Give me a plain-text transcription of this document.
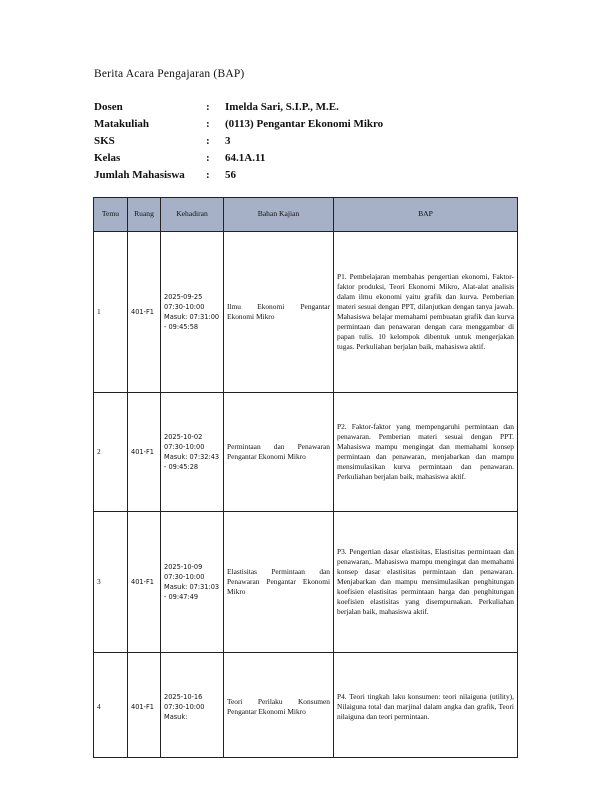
Berita Acara Pengajaran (BAP)
Dosen	:	Imelda Sari, S.I.P., M.E.
Matakuliah	:	(0113) Pengantar Ekonomi Mikro
SKS	:	3
Kelas	:	64.1A.11
Jumlah Mahasiswa	:	56
Temu	Ruang	Kehadiran	Bahan Kajian	BAP
1	401-F1	2025-09-25 07:30-10:00 Masuk: 07:31:00 - 09:45:58	Ilmu Ekonomi Pengantar Ekonomi Mikro	P1. Pembelajaran membahas pengertian ekonomi, Faktor-faktor produksi, Teori Ekonomi Mikro, Alat-alat analisis dalam ilmu ekonomi yaitu grafik dan kurva. Pemberian materi sesuai dengan PPT, dilanjutkan dengan tanya jawab. Mahasiswa belajar memahami pembuatan grafik dan kurva permintaan dan penawaran dengan cara menggambar di papan tulis. 10 kelompok dibentuk untuk mengerjakan tugas. Perkuliahan berjalan baik, mahasiswa aktif.
2	401-F1	2025-10-02 07:30-10:00 Masuk: 07:32:43 - 09:45:28	Permintaan dan Penawaran Pengantar Ekonomi Mikro	P2. Faktor-faktor yang mempengaruhi permintaan dan penawaran. Pemberian materi sesuai dengan PPT. Mahasiswa mampu mengingat dan memahami konsep permintaan dan penawaran, menjabarkan dan mampu mensimulasikan kurva permintaan dan penawaran. Perkuliahan berjalan baik, mahasiswa aktif.
3	401-F1	2025-10-09 07:30-10:00 Masuk: 07:31:03 - 09:47:49	Elastisitas Permintaan dan Penawaran Pengantar Ekonomi Mikro	P3. Pengertian dasar elastisitas, Elastisitas permintaan dan penawaran,. Mahasiswa mampu mengingat dan memahami konsep dasar elastisitas permintaan dan penawaran. Menjabarkan dan mampu mensimulasikan penghitungan koefisien elastisitas permintaan harga dan penghitungan koefisien elastisitas yang disempurnakan. Perkuliahan berjalan baik, mahasiswa aktif.
4	401-F1	2025-10-16 07:30-10:00 Masuk:	Teori Perilaku Konsumen Pengantar Ekonomi Mikro	P4. Teori tingkah laku konsumen: teori nilaiguna (utility), Nilaiguna total dan marjinal dalam angka dan grafik, Teori nilaiguna dan teori permintaan.
